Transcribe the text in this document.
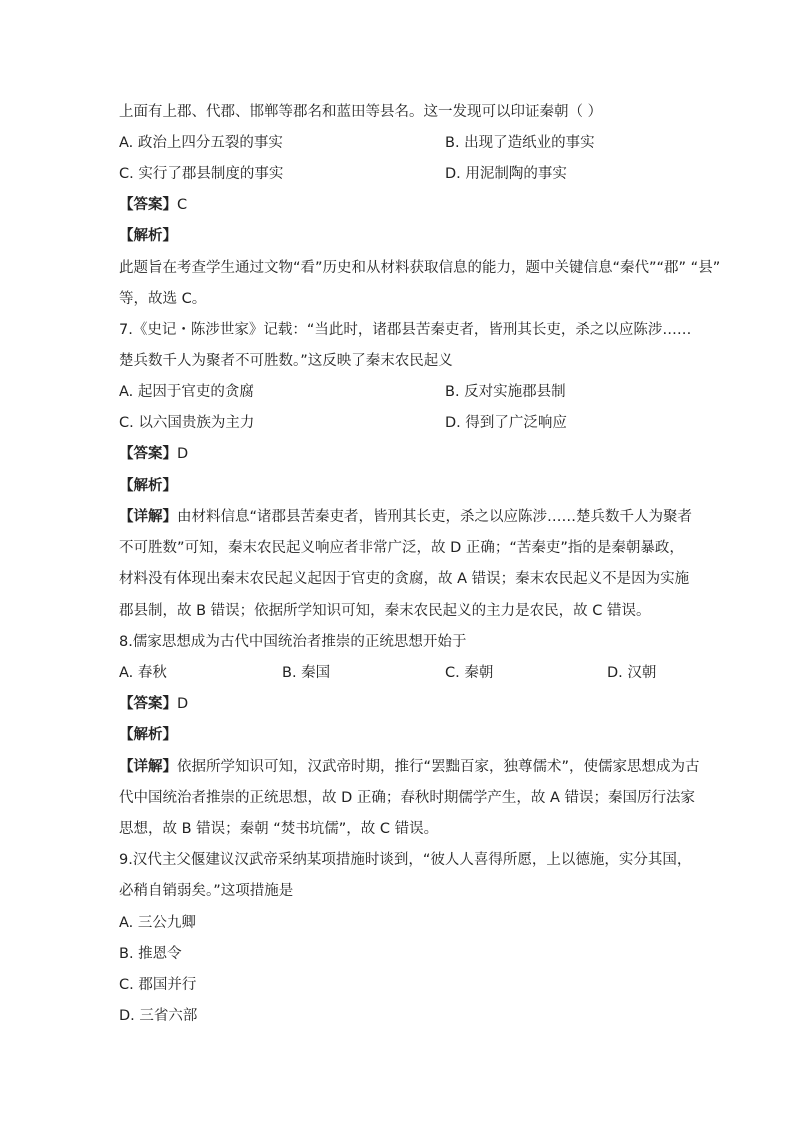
上面有上郡、代郡、邯郸等郡名和蓝田等县名。这一发现可以印证秦朝（ ）
A. 政治上四分五裂的事实	B. 出现了造纸业的事实
C. 实行了郡县制度的事实	D. 用泥制陶的事实
【答案】C
【解析】
此题旨在考查学生通过文物“看”历史和从材料获取信息的能力，题中关键信息“秦代”“郡” “县”
等，故选 C。
7.《史记・陈涉世家》记载：“当此时，诸郡县苦秦吏者，皆刑其长吏，杀之以应陈涉……
楚兵数千人为聚者不可胜数。”这反映了秦末农民起义
A. 起因于官吏的贪腐	B. 反对实施郡县制
C. 以六国贵族为主力	D. 得到了广泛响应
【答案】D
【解析】
【详解】由材料信息“诸郡县苦秦吏者，皆刑其长吏，杀之以应陈涉……楚兵数千人为聚者
不可胜数”可知，秦末农民起义响应者非常广泛，故 D 正确；“苦秦吏”指的是秦朝暴政，
材料没有体现出秦末农民起义起因于官吏的贪腐，故 A 错误；秦末农民起义不是因为实施
郡县制，故 B 错误；依据所学知识可知，秦末农民起义的主力是农民，故 C 错误。
8.儒家思想成为古代中国统治者推崇的正统思想开始于
A. 春秋	B. 秦国	C. 秦朝	D. 汉朝
【答案】D
【解析】
【详解】依据所学知识可知，汉武帝时期，推行“罢黜百家，独尊儒术”，使儒家思想成为古
代中国统治者推崇的正统思想，故 D 正确；春秋时期儒学产生，故 A 错误；秦国厉行法家
思想，故 B 错误；秦朝 “焚书坑儒”，故 C 错误。
9.汉代主父偃建议汉武帝采纳某项措施时谈到，“彼人人喜得所愿，上以德施，实分其国，
必稍自销弱矣。”这项措施是
A. 三公九卿
B. 推恩令
C. 郡国并行
D. 三省六部
